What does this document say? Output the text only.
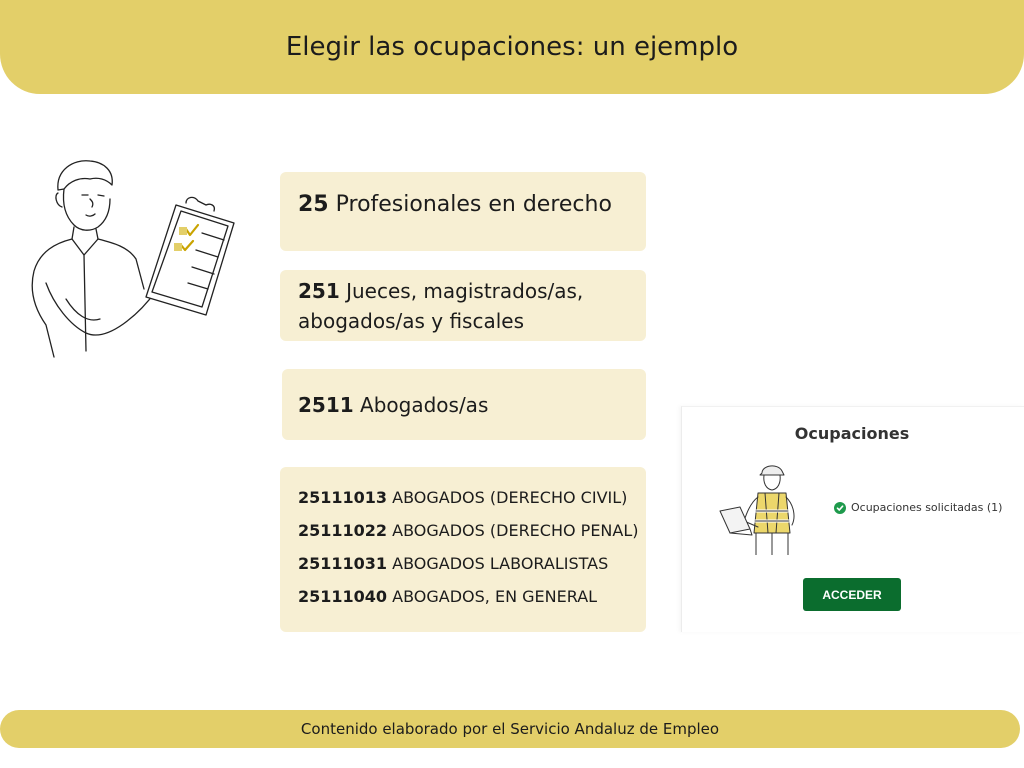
Elegir las ocupaciones: un ejemplo
25 Profesionales en derecho
251 Jueces, magistrados/as, abogados/as y fiscales
2511 Abogados/as
25111013 ABOGADOS (DERECHO CIVIL)
25111022 ABOGADOS (DERECHO PENAL)
25111031 ABOGADOS LABORALISTAS
25111040 ABOGADOS, EN GENERAL
Ocupaciones
Ocupaciones solicitadas (1)
ACCEDER
Contenido elaborado por el Servicio Andaluz de Empleo
